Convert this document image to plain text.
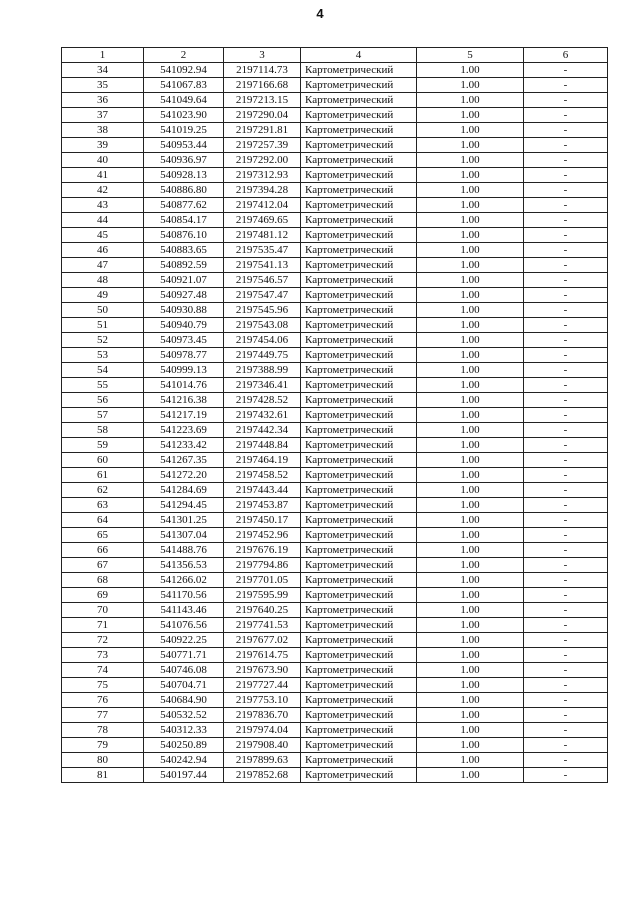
4
1	2	3	4	5	6
34	541092.94	2197114.73	Картометрический	1.00	-
35	541067.83	2197166.68	Картометрический	1.00	-
36	541049.64	2197213.15	Картометрический	1.00	-
37	541023.90	2197290.04	Картометрический	1.00	-
38	541019.25	2197291.81	Картометрический	1.00	-
39	540953.44	2197257.39	Картометрический	1.00	-
40	540936.97	2197292.00	Картометрический	1.00	-
41	540928.13	2197312.93	Картометрический	1.00	-
42	540886.80	2197394.28	Картометрический	1.00	-
43	540877.62	2197412.04	Картометрический	1.00	-
44	540854.17	2197469.65	Картометрический	1.00	-
45	540876.10	2197481.12	Картометрический	1.00	-
46	540883.65	2197535.47	Картометрический	1.00	-
47	540892.59	2197541.13	Картометрический	1.00	-
48	540921.07	2197546.57	Картометрический	1.00	-
49	540927.48	2197547.47	Картометрический	1.00	-
50	540930.88	2197545.96	Картометрический	1.00	-
51	540940.79	2197543.08	Картометрический	1.00	-
52	540973.45	2197454.06	Картометрический	1.00	-
53	540978.77	2197449.75	Картометрический	1.00	-
54	540999.13	2197388.99	Картометрический	1.00	-
55	541014.76	2197346.41	Картометрический	1.00	-
56	541216.38	2197428.52	Картометрический	1.00	-
57	541217.19	2197432.61	Картометрический	1.00	-
58	541223.69	2197442.34	Картометрический	1.00	-
59	541233.42	2197448.84	Картометрический	1.00	-
60	541267.35	2197464.19	Картометрический	1.00	-
61	541272.20	2197458.52	Картометрический	1.00	-
62	541284.69	2197443.44	Картометрический	1.00	-
63	541294.45	2197453.87	Картометрический	1.00	-
64	541301.25	2197450.17	Картометрический	1.00	-
65	541307.04	2197452.96	Картометрический	1.00	-
66	541488.76	2197676.19	Картометрический	1.00	-
67	541356.53	2197794.86	Картометрический	1.00	-
68	541266.02	2197701.05	Картометрический	1.00	-
69	541170.56	2197595.99	Картометрический	1.00	-
70	541143.46	2197640.25	Картометрический	1.00	-
71	541076.56	2197741.53	Картометрический	1.00	-
72	540922.25	2197677.02	Картометрический	1.00	-
73	540771.71	2197614.75	Картометрический	1.00	-
74	540746.08	2197673.90	Картометрический	1.00	-
75	540704.71	2197727.44	Картометрический	1.00	-
76	540684.90	2197753.10	Картометрический	1.00	-
77	540532.52	2197836.70	Картометрический	1.00	-
78	540312.33	2197974.04	Картометрический	1.00	-
79	540250.89	2197908.40	Картометрический	1.00	-
80	540242.94	2197899.63	Картометрический	1.00	-
81	540197.44	2197852.68	Картометрический	1.00	-
